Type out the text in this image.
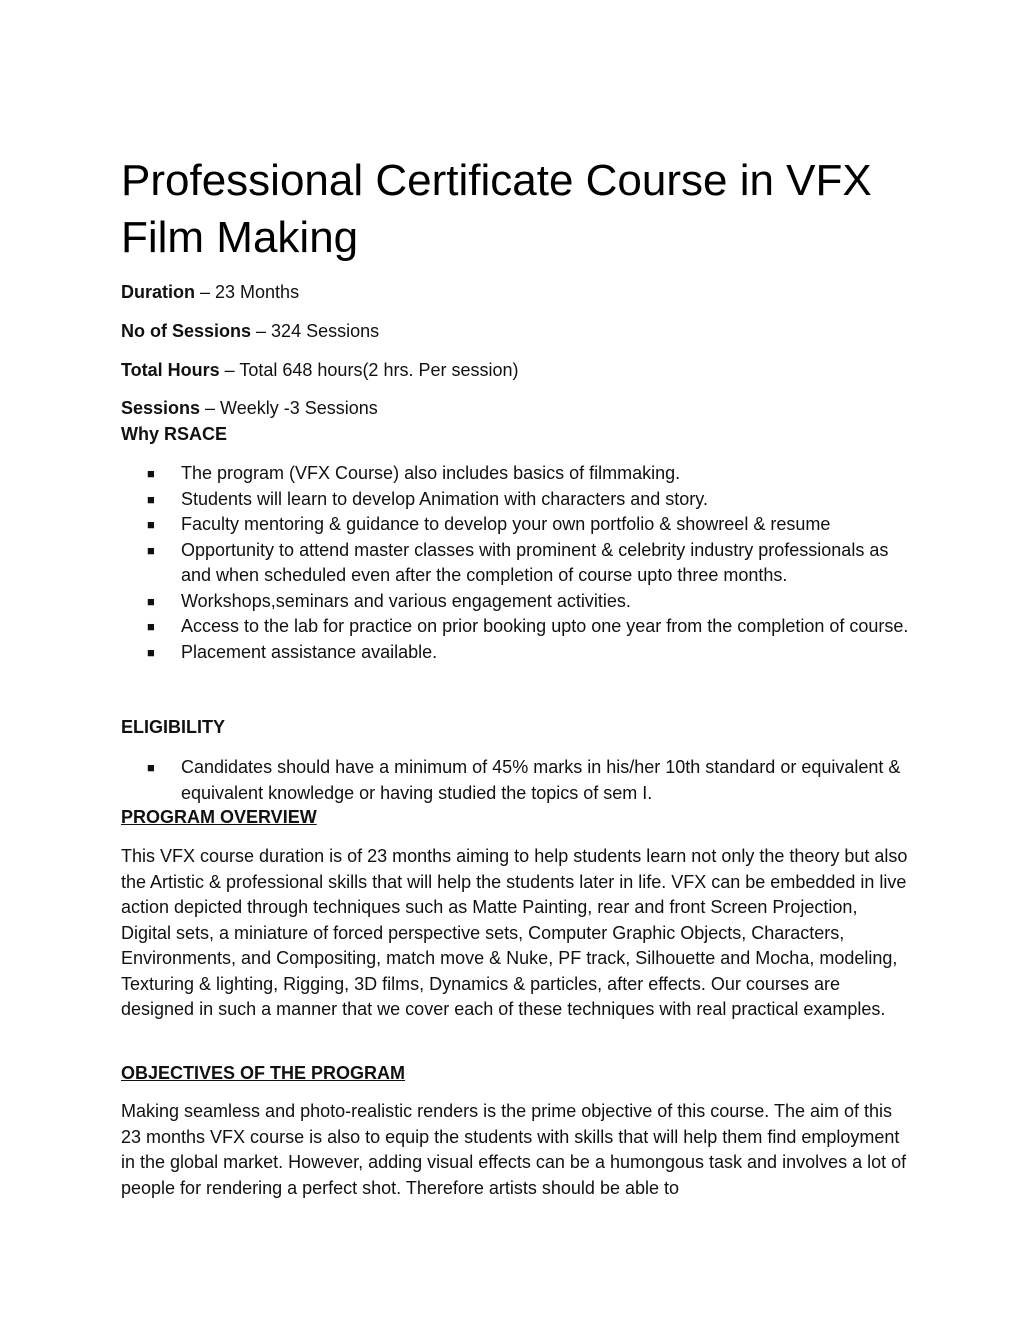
Professional Certificate Course in VFX Film Making

Duration – 23 Months

No of Sessions – 324 Sessions

Total Hours – Total 648 hours(2 hrs. Per session)

Sessions – Weekly -3 Sessions

Why RSACE

■ The program (VFX Course) also includes basics of filmmaking.
■ Students will learn to develop Animation with characters and story.
■ Faculty mentoring & guidance to develop your own portfolio & showreel & resume
■ Opportunity to attend master classes with prominent & celebrity industry professionals as and when scheduled even after the completion of course upto three months.
■ Workshops,seminars and various engagement activities.
■ Access to the lab for practice on prior booking upto one year from the completion of course.
■ Placement assistance available.

ELIGIBILITY

■ Candidates should have a minimum of 45% marks in his/her 10th standard or equivalent & equivalent knowledge or having studied the topics of sem I.

PROGRAM OVERVIEW

This VFX course duration is of 23 months aiming to help students learn not only the theory but also the Artistic & professional skills that will help the students later in life. VFX can be embedded in live action depicted through techniques such as Matte Painting, rear and front Screen Projection, Digital sets, a miniature of forced perspective sets, Computer Graphic Objects, Characters, Environments, and Compositing, match move & Nuke, PF track, Silhouette and Mocha, modeling, Texturing & lighting, Rigging, 3D films, Dynamics & particles, after effects. Our courses are designed in such a manner that we cover each of these techniques with real practical examples.

OBJECTIVES OF THE PROGRAM

Making seamless and photo-realistic renders is the prime objective of this course. The aim of this 23 months VFX course is also to equip the students with skills that will help them find employment in the global market. However, adding visual effects can be a humongous task and involves a lot of people for rendering a perfect shot. Therefore artists should be able to
